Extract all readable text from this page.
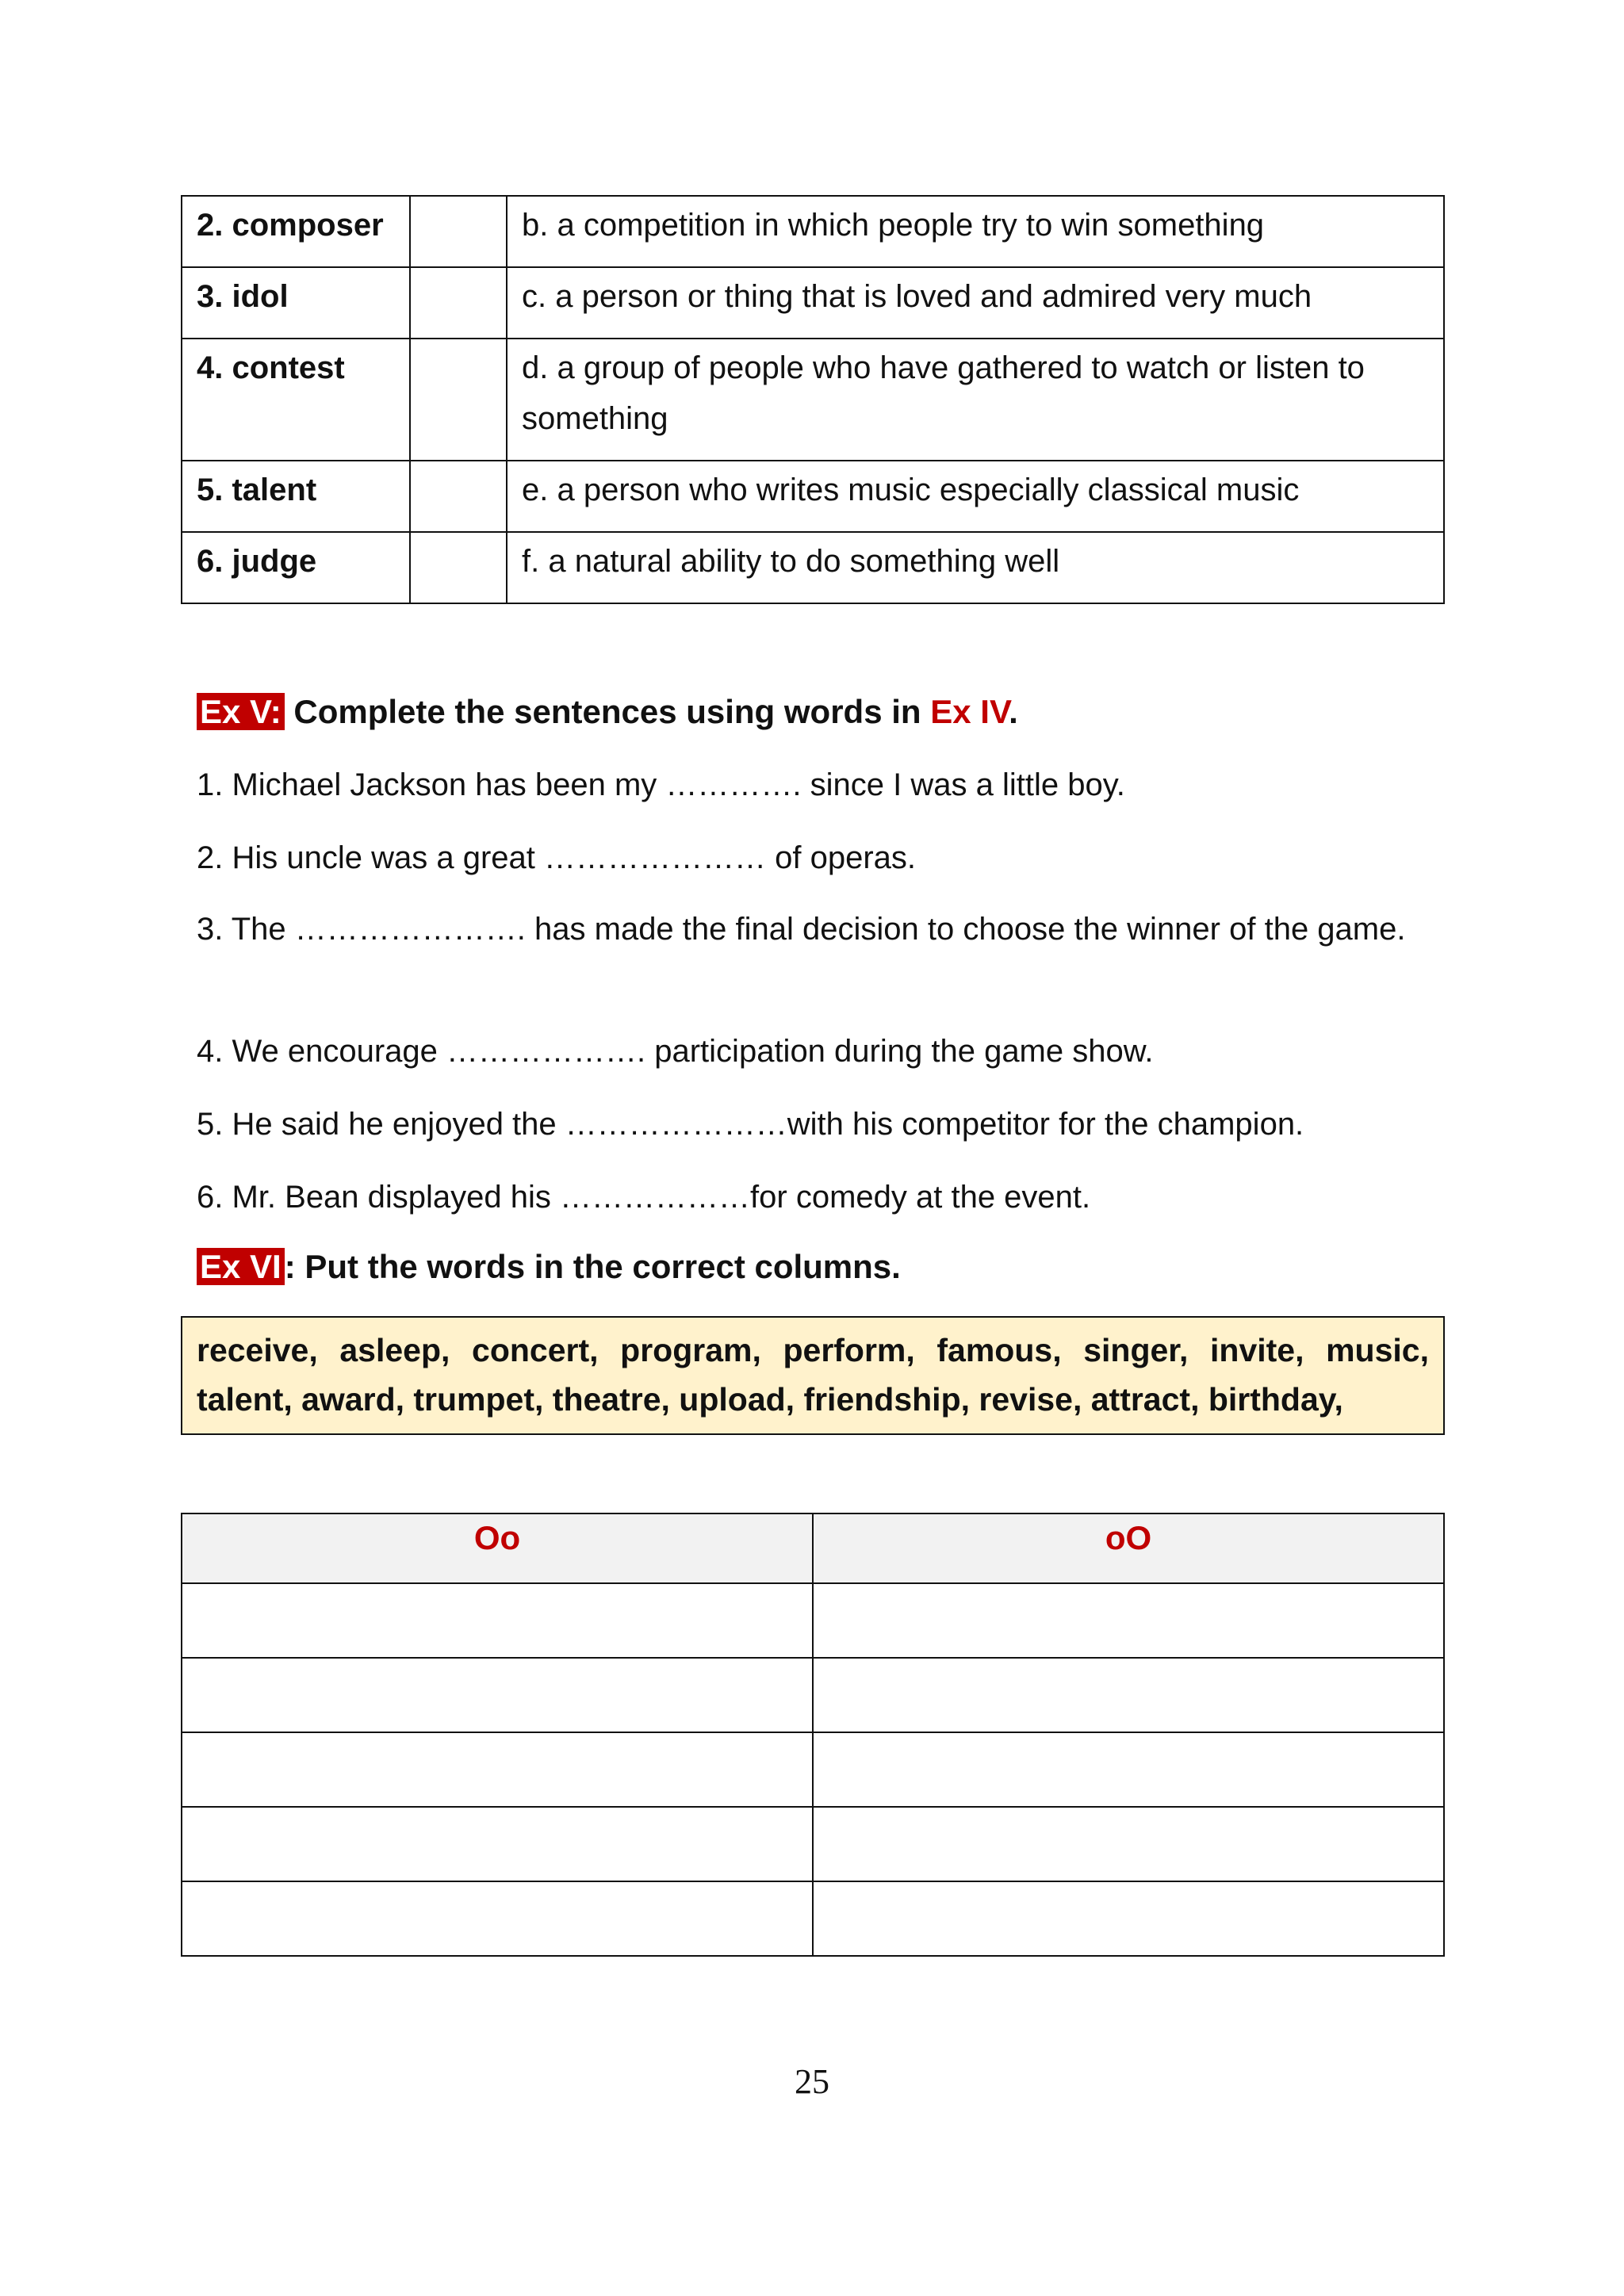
2. composer		b. a competition in which people try to win something
3. idol		c. a person or thing that is loved and admired very much
4. contest		d. a group of people who have gathered to watch or listen to something
5. talent		e. a person who writes music especially classical music
6. judge		f. a natural ability to do something well
Ex V: Complete the sentences using words in Ex IV.
1. Michael Jackson has been my …………. since I was a little boy.
2. His uncle was a great ………………… of operas.
3. The …………………. has made the final decision to choose the winner of the game.
4. We encourage ………………. participation during the game show.
5. He said he enjoyed the …………………with his competitor for the champion.
6. Mr. Bean displayed his ………………for comedy at the event.
Ex VI: Put the words in the correct columns.
receive, asleep, concert, program, perform, famous, singer, invite, music, talent, award, trumpet, theatre, upload, friendship, revise, attract, birthday,
Oo	oO

25
